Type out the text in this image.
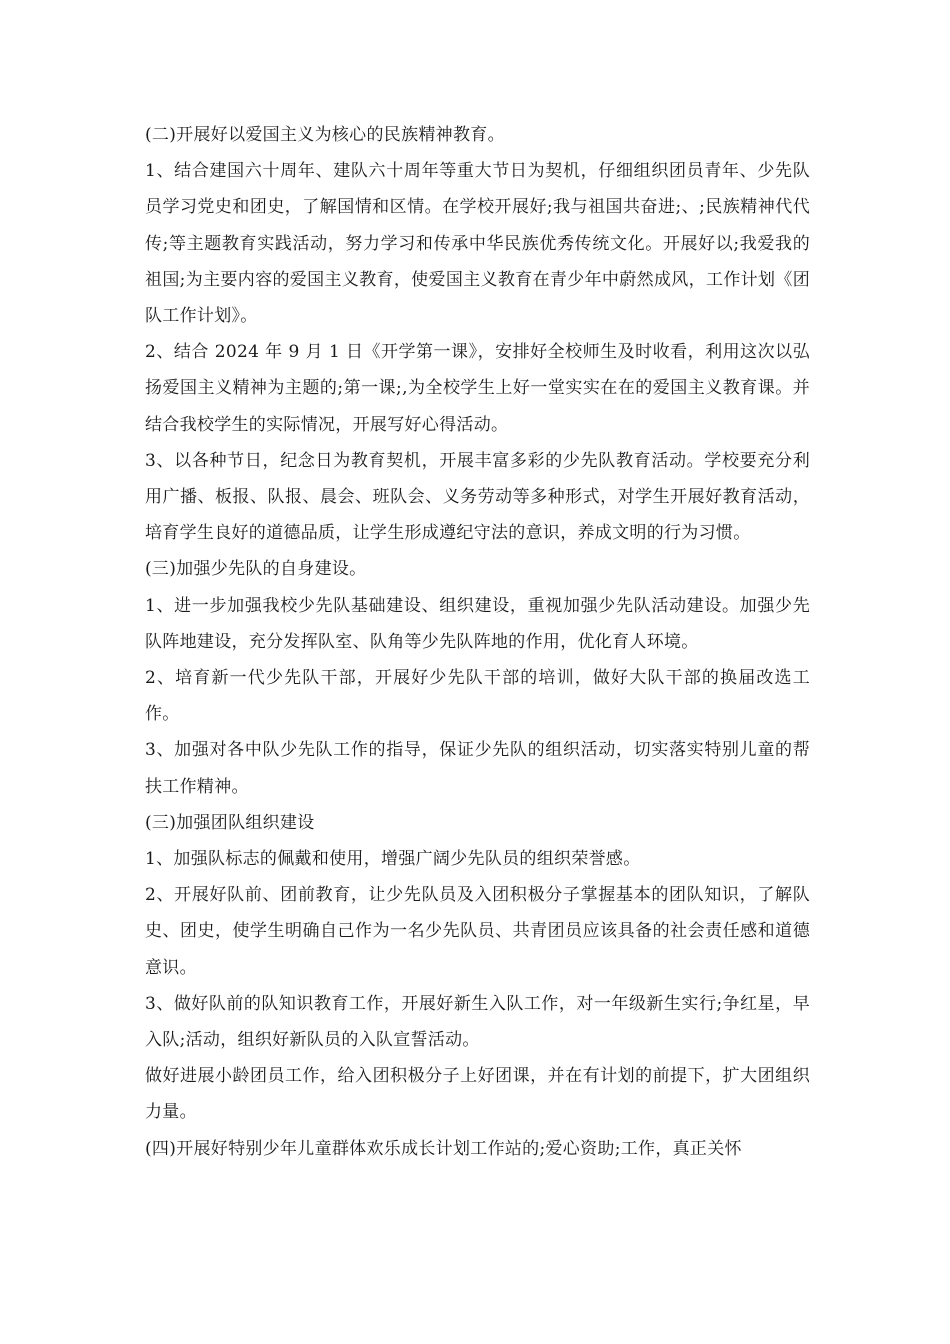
(二)开展好以爱国主义为核心的民族精神教育。

1、结合建国六十周年、建队六十周年等重大节日为契机，仔细组织团员青年、少先队员学习党史和团史，了解国情和区情。在学校开展好;我与祖国共奋进;、;民族精神代代传;等主题教育实践活动，努力学习和传承中华民族优秀传统文化。开展好以;我爱我的祖国;为主要内容的爱国主义教育，使爱国主义教育在青少年中蔚然成风，工作计划《团队工作计划》。

2、结合 2024 年 9 月 1 日《开学第一课》，安排好全校师生及时收看，利用这次以弘扬爱国主义精神为主题的;第一课;,为全校学生上好一堂实实在在的爱国主义教育课。并结合我校学生的实际情况，开展写好心得活动。

3、以各种节日，纪念日为教育契机，开展丰富多彩的少先队教育活动。学校要充分利用广播、板报、队报、晨会、班队会、义务劳动等多种形式，对学生开展好教育活动，培育学生良好的道德品质，让学生形成遵纪守法的意识，养成文明的行为习惯。

(三)加强少先队的自身建设。

1、进一步加强我校少先队基础建设、组织建设，重视加强少先队活动建设。加强少先队阵地建设，充分发挥队室、队角等少先队阵地的作用，优化育人环境。

2、培育新一代少先队干部，开展好少先队干部的培训，做好大队干部的换届改选工作。

3、加强对各中队少先队工作的指导，保证少先队的组织活动，切实落实特别儿童的帮扶工作精神。

(三)加强团队组织建设

1、加强队标志的佩戴和使用，增强广阔少先队员的组织荣誉感。

2、开展好队前、团前教育，让少先队员及入团积极分子掌握基本的团队知识，了解队史、团史，使学生明确自己作为一名少先队员、共青团员应该具备的社会责任感和道德意识。

3、做好队前的队知识教育工作，开展好新生入队工作，对一年级新生实行;争红星，早入队;活动，组织好新队员的入队宣誓活动。

做好进展小龄团员工作，给入团积极分子上好团课，并在有计划的前提下，扩大团组织力量。

(四)开展好特别少年儿童群体欢乐成长计划工作站的;爱心资助;工作，真正关怀
